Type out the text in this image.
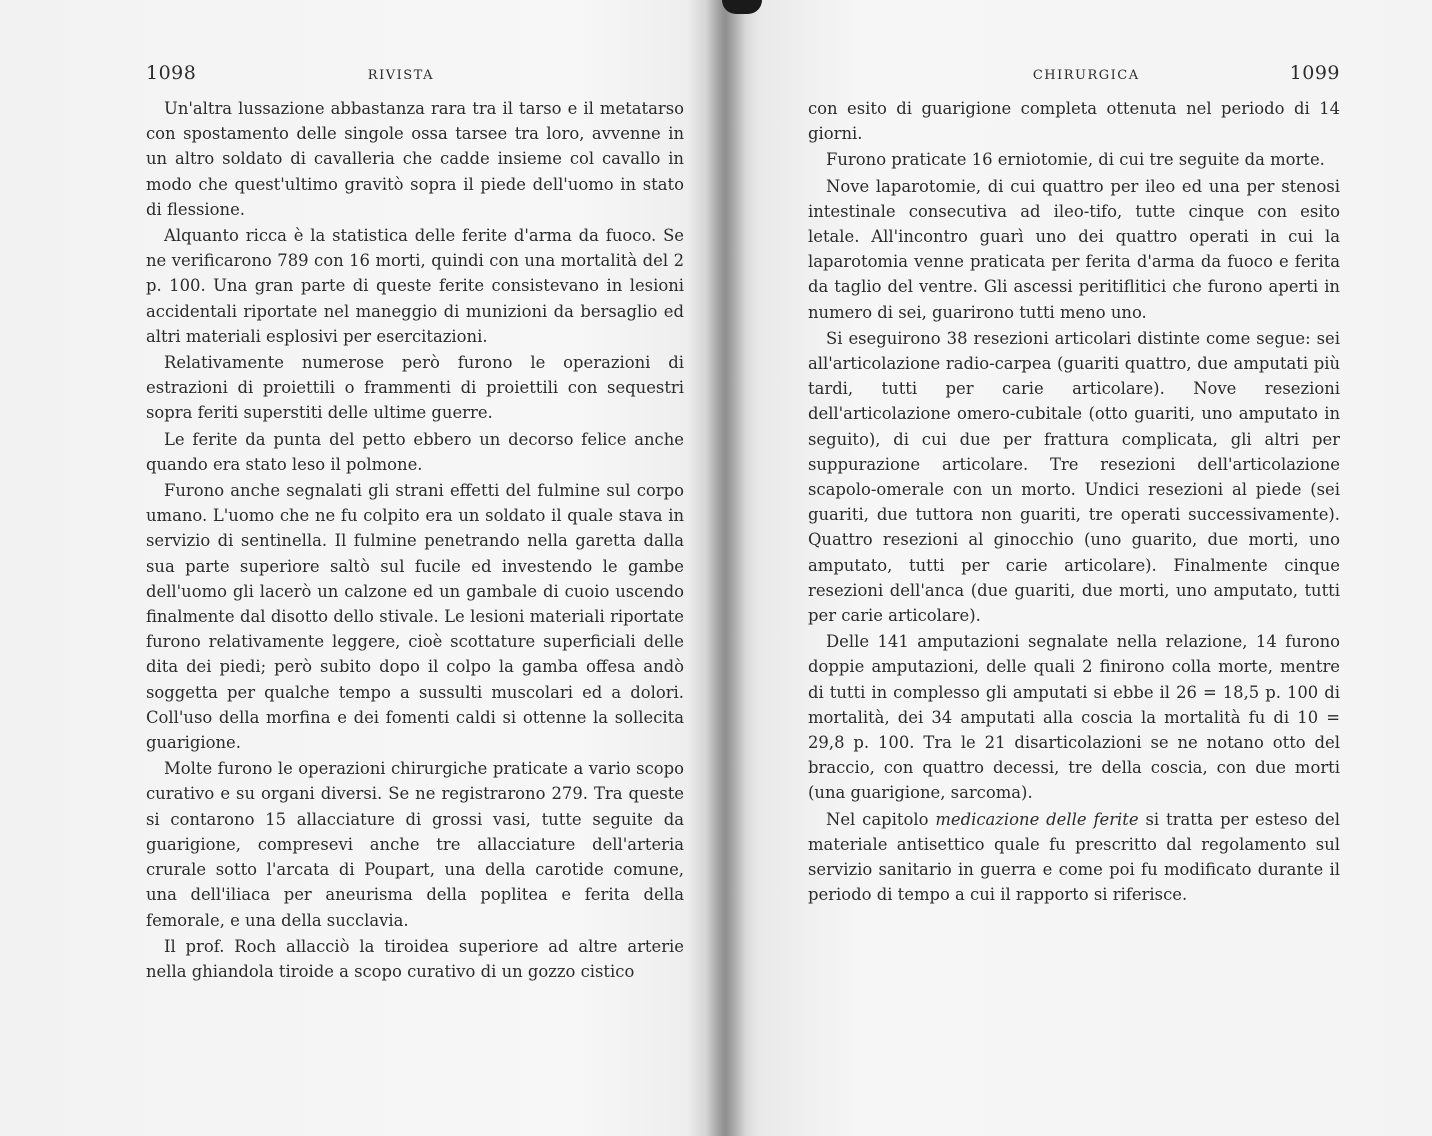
1098	RIVISTA

Un'altra lussazione abbastanza rara tra il tarso e il metatarso con spostamento delle singole ossa tarsee tra loro, avvenne in un altro soldato di cavalleria che cadde insieme col cavallo in modo che quest'ultimo gravitò sopra il piede dell'uomo in stato di flessione.

Alquanto ricca è la statistica delle ferite d'arma da fuoco. Se ne verificarono 789 con 16 morti, quindi con una mortalità del 2 p. 100. Una gran parte di queste ferite consistevano in lesioni accidentali riportate nel maneggio di munizioni da bersaglio ed altri materiali esplosivi per esercitazioni.

Relativamente numerose però furono le operazioni di estrazioni di proiettili o frammenti di proiettili con sequestri sopra feriti superstiti delle ultime guerre.

Le ferite da punta del petto ebbero un decorso felice anche quando era stato leso il polmone.

Furono anche segnalati gli strani effetti del fulmine sul corpo umano. L'uomo che ne fu colpito era un soldato il quale stava in servizio di sentinella. Il fulmine penetrando nella garetta dalla sua parte superiore saltò sul fucile ed investendo le gambe dell'uomo gli lacerò un calzone ed un gambale di cuoio uscendo finalmente dal disotto dello stivale. Le lesioni materiali riportate furono relativamente leggere, cioè scottature superficiali delle dita dei piedi; però subito dopo il colpo la gamba offesa andò soggetta per qualche tempo a sussulti muscolari ed a dolori. Coll'uso della morfina e dei fomenti caldi si ottenne la sollecita guarigione.

Molte furono le operazioni chirurgiche praticate a vario scopo curativo e su organi diversi. Se ne registrarono 279. Tra queste si contarono 15 allacciature di grossi vasi, tutte seguite da guarigione, compresevi anche tre allacciature dell'arteria crurale sotto l'arcata di Poupart, una della carotide comune, una dell'iliaca per aneurisma della poplitea e ferita della femorale, e una della succlavia.

Il prof. Roch allacciò la tiroidea superiore ad altre arterie nella ghiandola tiroide a scopo curativo di un gozzo cistico

CHIRURGICA	1099

con esito di guarigione completa ottenuta nel periodo di 14 giorni.

Furono praticate 16 erniotomie, di cui tre seguite da morte.

Nove laparotomie, di cui quattro per ileo ed una per stenosi intestinale consecutiva ad ileo-tifo, tutte cinque con esito letale. All'incontro guarì uno dei quattro operati in cui la laparotomia venne praticata per ferita d'arma da fuoco e ferita da taglio del ventre. Gli ascessi peritiflitici che furono aperti in numero di sei, guarirono tutti meno uno.

Si eseguirono 38 resezioni articolari distinte come segue: sei all'articolazione radio-carpea (guariti quattro, due amputati più tardi, tutti per carie articolare). Nove resezioni dell'articolazione omero-cubitale (otto guariti, uno amputato in seguito), di cui due per frattura complicata, gli altri per suppurazione articolare. Tre resezioni dell'articolazione scapolo-omerale con un morto. Undici resezioni al piede (sei guariti, due tuttora non guariti, tre operati successivamente). Quattro resezioni al ginocchio (uno guarito, due morti, uno amputato, tutti per carie articolare). Finalmente cinque resezioni dell'anca (due guariti, due morti, uno amputato, tutti per carie articolare).

Delle 141 amputazioni segnalate nella relazione, 14 furono doppie amputazioni, delle quali 2 finirono colla morte, mentre di tutti in complesso gli amputati si ebbe il 26 = 18,5 p. 100 di mortalità, dei 34 amputati alla coscia la mortalità fu di 10 = 29,8 p. 100. Tra le 21 disarticolazioni se ne notano otto del braccio, con quattro decessi, tre della coscia, con due morti (una guarigione, sarcoma).

Nel capitolo medicazione delle ferite si tratta per esteso del materiale antisettico quale fu prescritto dal regolamento sul servizio sanitario in guerra e come poi fu modificato durante il periodo di tempo a cui il rapporto si riferisce.
